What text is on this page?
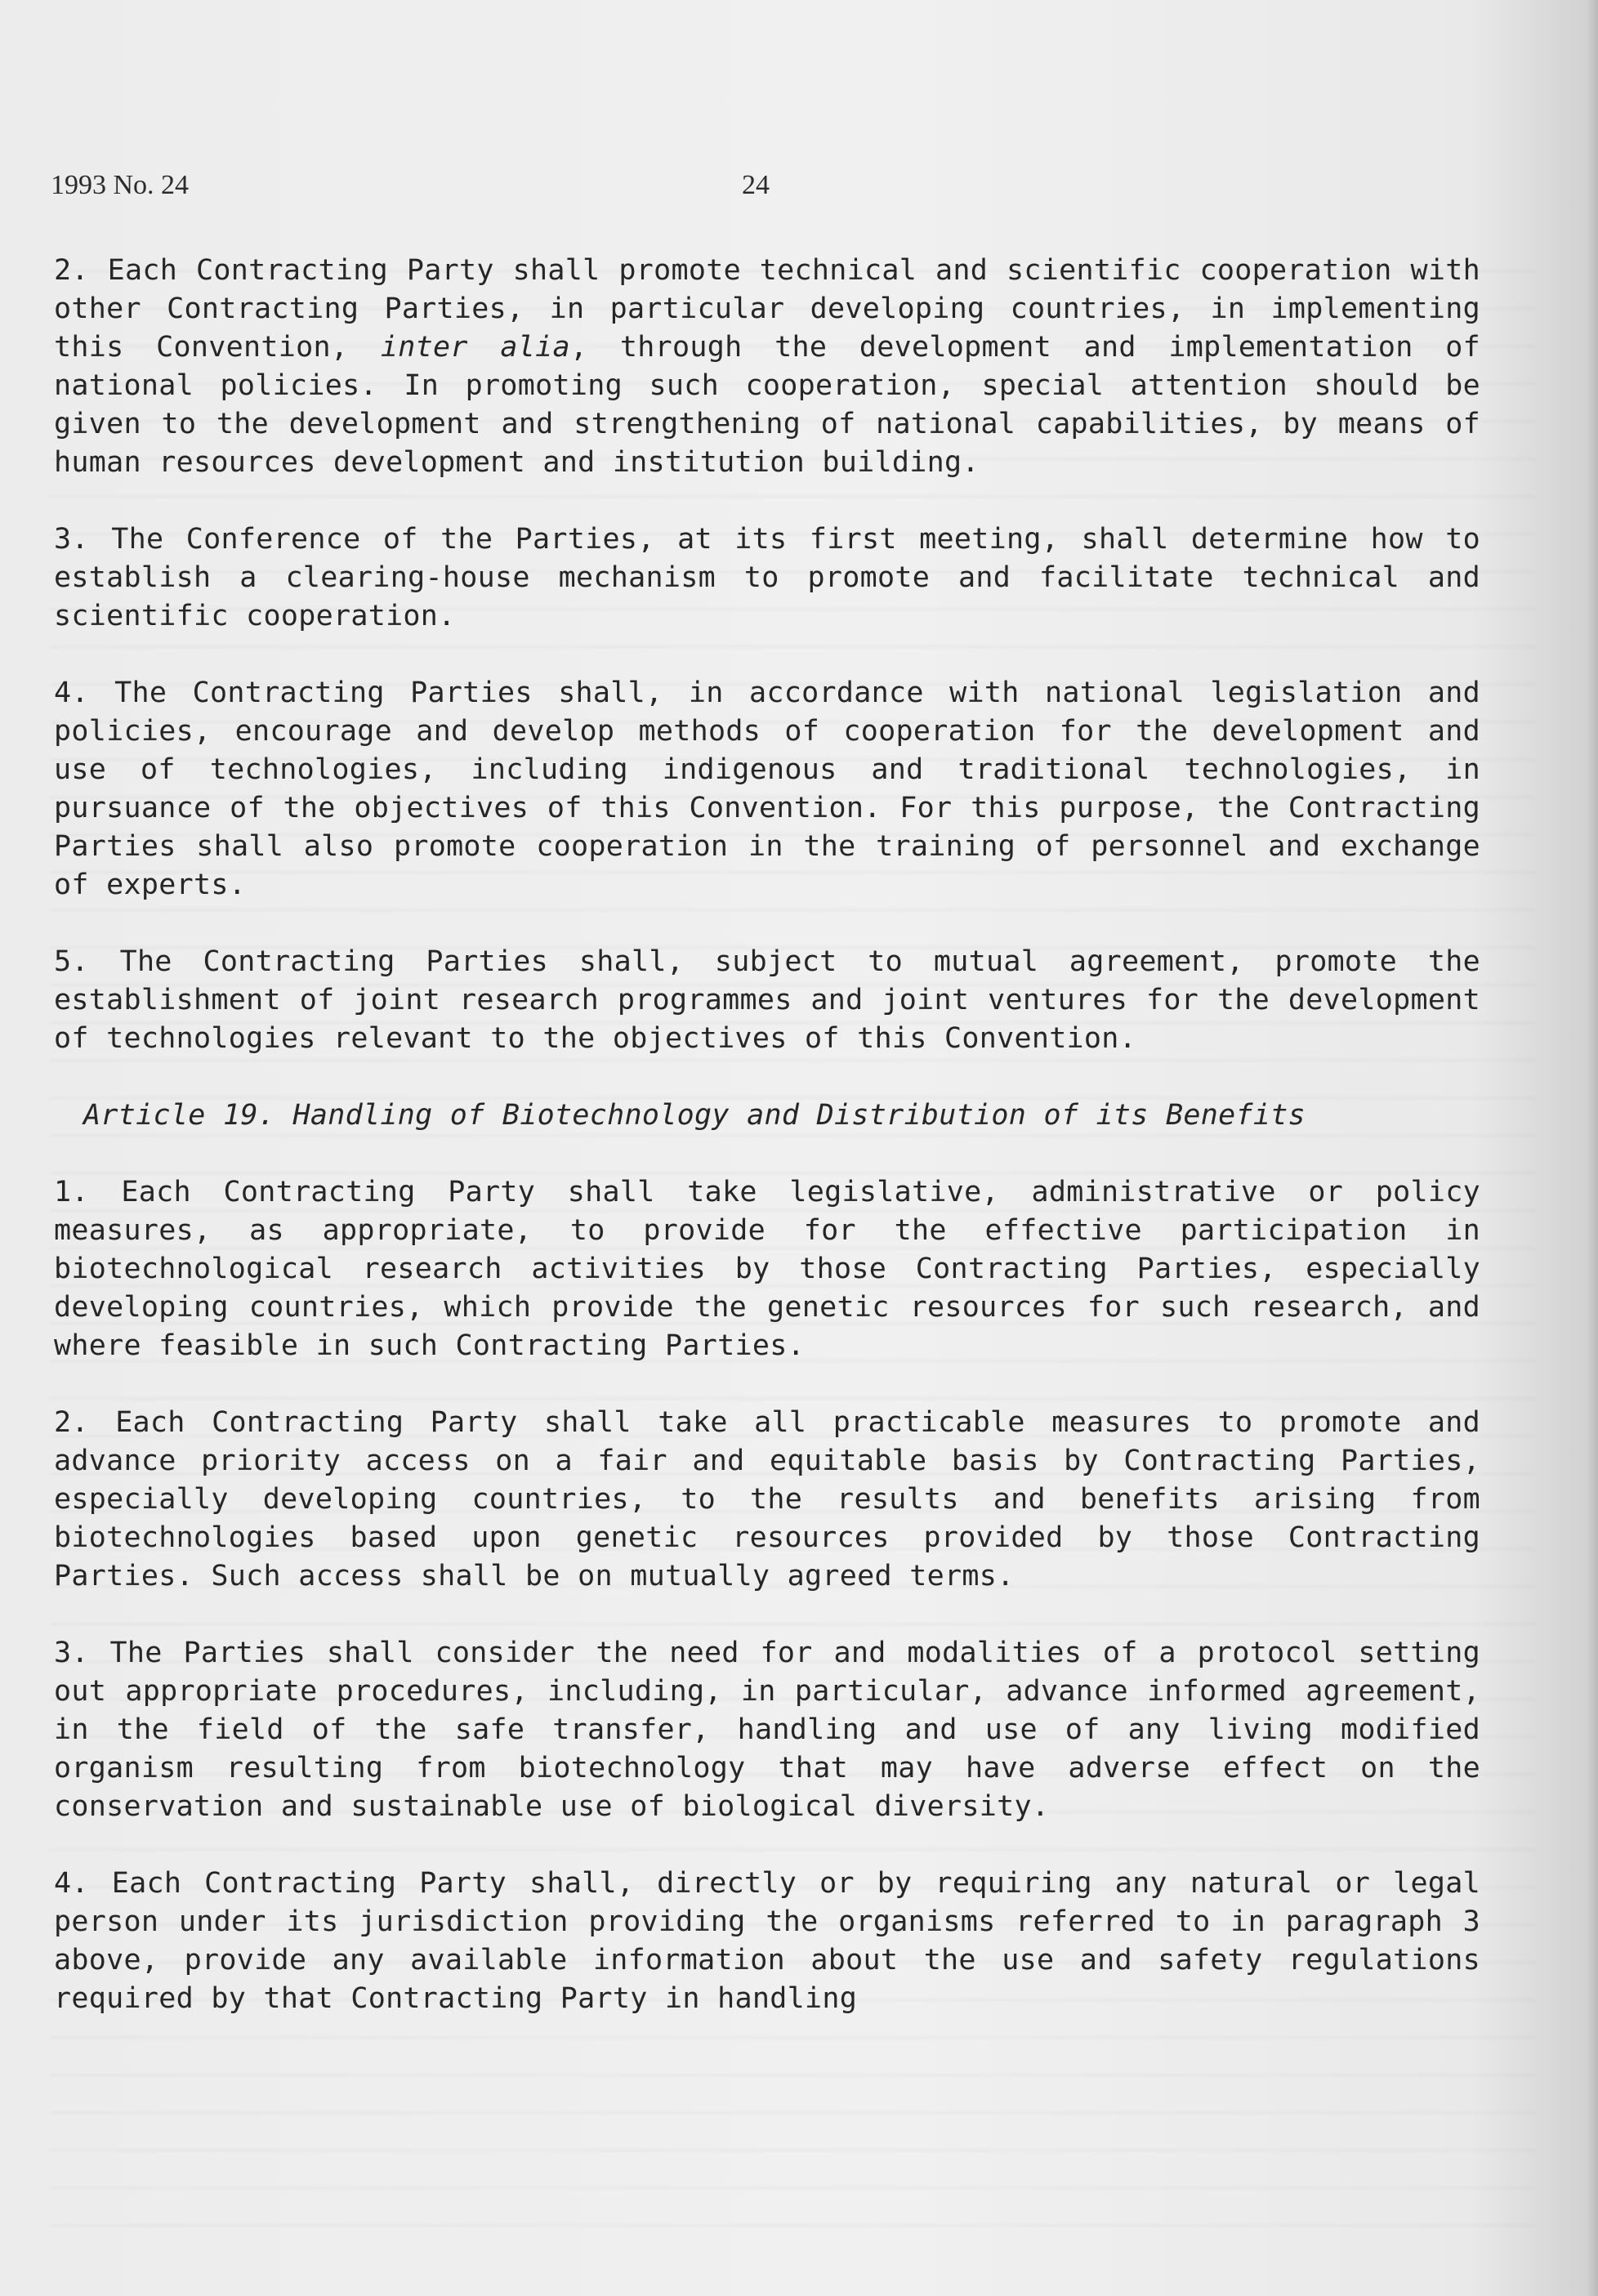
1993 No. 24	24

2. Each Contracting Party shall promote technical and scientific cooperation with other Contracting Parties, in particular developing countries, in implementing this Convention, inter alia, through the development and implementation of national policies. In promoting such cooperation, special attention should be given to the development and strengthening of national capabilities, by means of human resources development and institution building.

3. The Conference of the Parties, at its first meeting, shall determine how to establish a clearing-house mechanism to promote and facilitate technical and scientific cooperation.

4. The Contracting Parties shall, in accordance with national legislation and policies, encourage and develop methods of cooperation for the development and use of technologies, including indigenous and traditional technologies, in pursuance of the objectives of this Convention. For this purpose, the Contracting Parties shall also promote cooperation in the training of personnel and exchange of experts.

5. The Contracting Parties shall, subject to mutual agreement, promote the establishment of joint research programmes and joint ventures for the development of technologies relevant to the objectives of this Convention.

Article 19. Handling of Biotechnology and Distribution of its Benefits

1. Each Contracting Party shall take legislative, administrative or policy measures, as appropriate, to provide for the effective participation in biotechnological research activities by those Contracting Parties, especially developing countries, which provide the genetic resources for such research, and where feasible in such Contracting Parties.

2. Each Contracting Party shall take all practicable measures to promote and advance priority access on a fair and equitable basis by Contracting Parties, especially developing countries, to the results and benefits arising from biotechnologies based upon genetic resources provided by those Contracting Parties. Such access shall be on mutually agreed terms.

3. The Parties shall consider the need for and modalities of a protocol setting out appropriate procedures, including, in particular, advance informed agreement, in the field of the safe transfer, handling and use of any living modified organism resulting from biotechnology that may have adverse effect on the conservation and sustainable use of biological diversity.

4. Each Contracting Party shall, directly or by requiring any natural or legal person under its jurisdiction providing the organisms referred to in paragraph 3 above, provide any available information about the use and safety regulations required by that Contracting Party in handling
